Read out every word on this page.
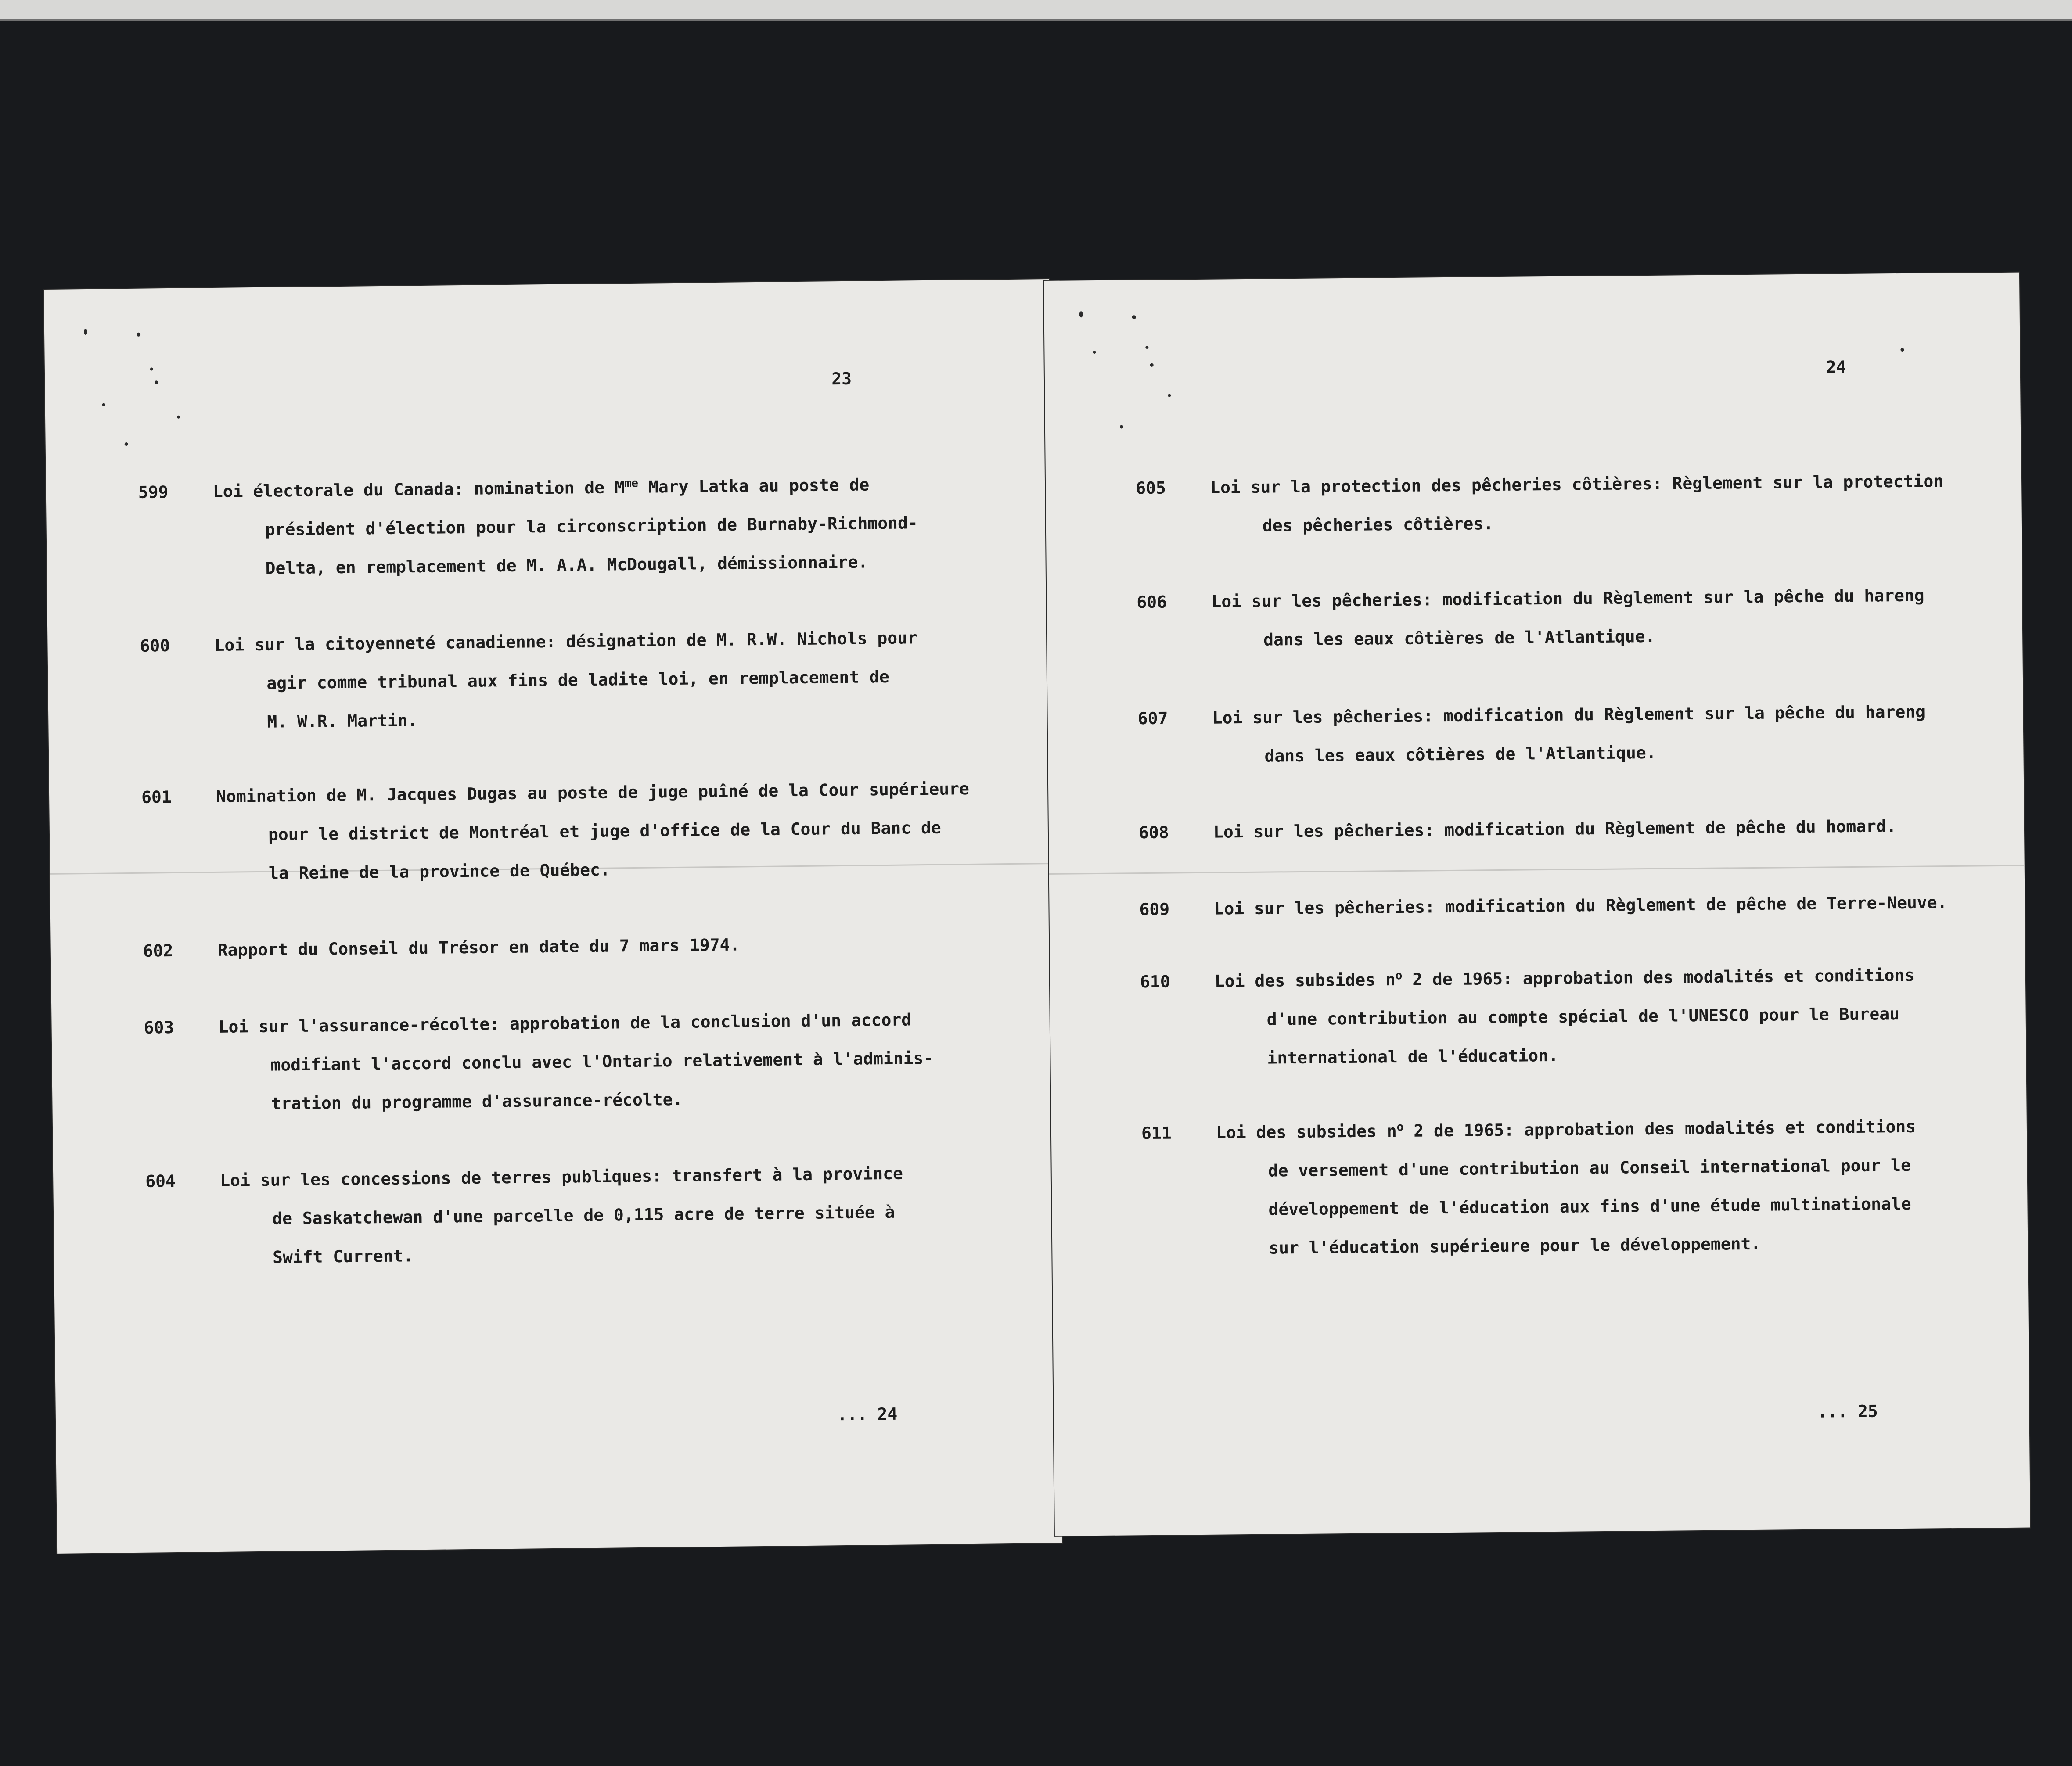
23
599	Loi électorale du Canada: nomination de $M^{me}$ Mary Latka au poste de
président d'élection pour la circonscription de Burnaby-Richmond-
Delta, en remplacement de M. A.A. McDougall, démissionnaire.
600	Loi sur la citoyenneté canadienne: désignation de M. R.W. Nichols pour
agir comme tribunal aux fins de ladite loi, en remplacement de
M. W.R. Martin.
601	Nomination de M. Jacques Dugas au poste de juge puîné de la Cour supérieure
pour le district de Montréal et juge d'office de la Cour du Banc de
la Reine de la province de Québec.
602	Rapport du Conseil du Trésor en date du 7 mars 1974.
603	Loi sur l'assurance-récolte: approbation de la conclusion d'un accord
modifiant l'accord conclu avec l'Ontario relativement à l'adminis-
tration du programme d'assurance-récolte.
604	Loi sur les concessions de terres publiques: transfert à la province
de Saskatchewan d'une parcelle de 0,115 acre de terre située à
Swift Current.
... 24
24
605	Loi sur la protection des pêcheries côtières: Règlement sur la protection
des pêcheries côtières.
606	Loi sur les pêcheries: modification du Règlement sur la pêche du hareng
dans les eaux côtières de l'Atlantique.
607	Loi sur les pêcheries: modification du Règlement sur la pêche du hareng
dans les eaux côtières de l'Atlantique.
608	Loi sur les pêcheries: modification du Règlement de pêche du homard.
609	Loi sur les pêcheries: modification du Règlement de pêche de Terre-Neuve.
610	Loi des subsides $n^o$ 2 de 1965: approbation des modalités et conditions
d'une contribution au compte spécial de l'UNESCO pour le Bureau
international de l'éducation.
611	Loi des subsides $n^o$ 2 de 1965: approbation des modalités et conditions
de versement d'une contribution au Conseil international pour le
développement de l'éducation aux fins d'une étude multinationale
sur l'éducation supérieure pour le développement.
... 25
